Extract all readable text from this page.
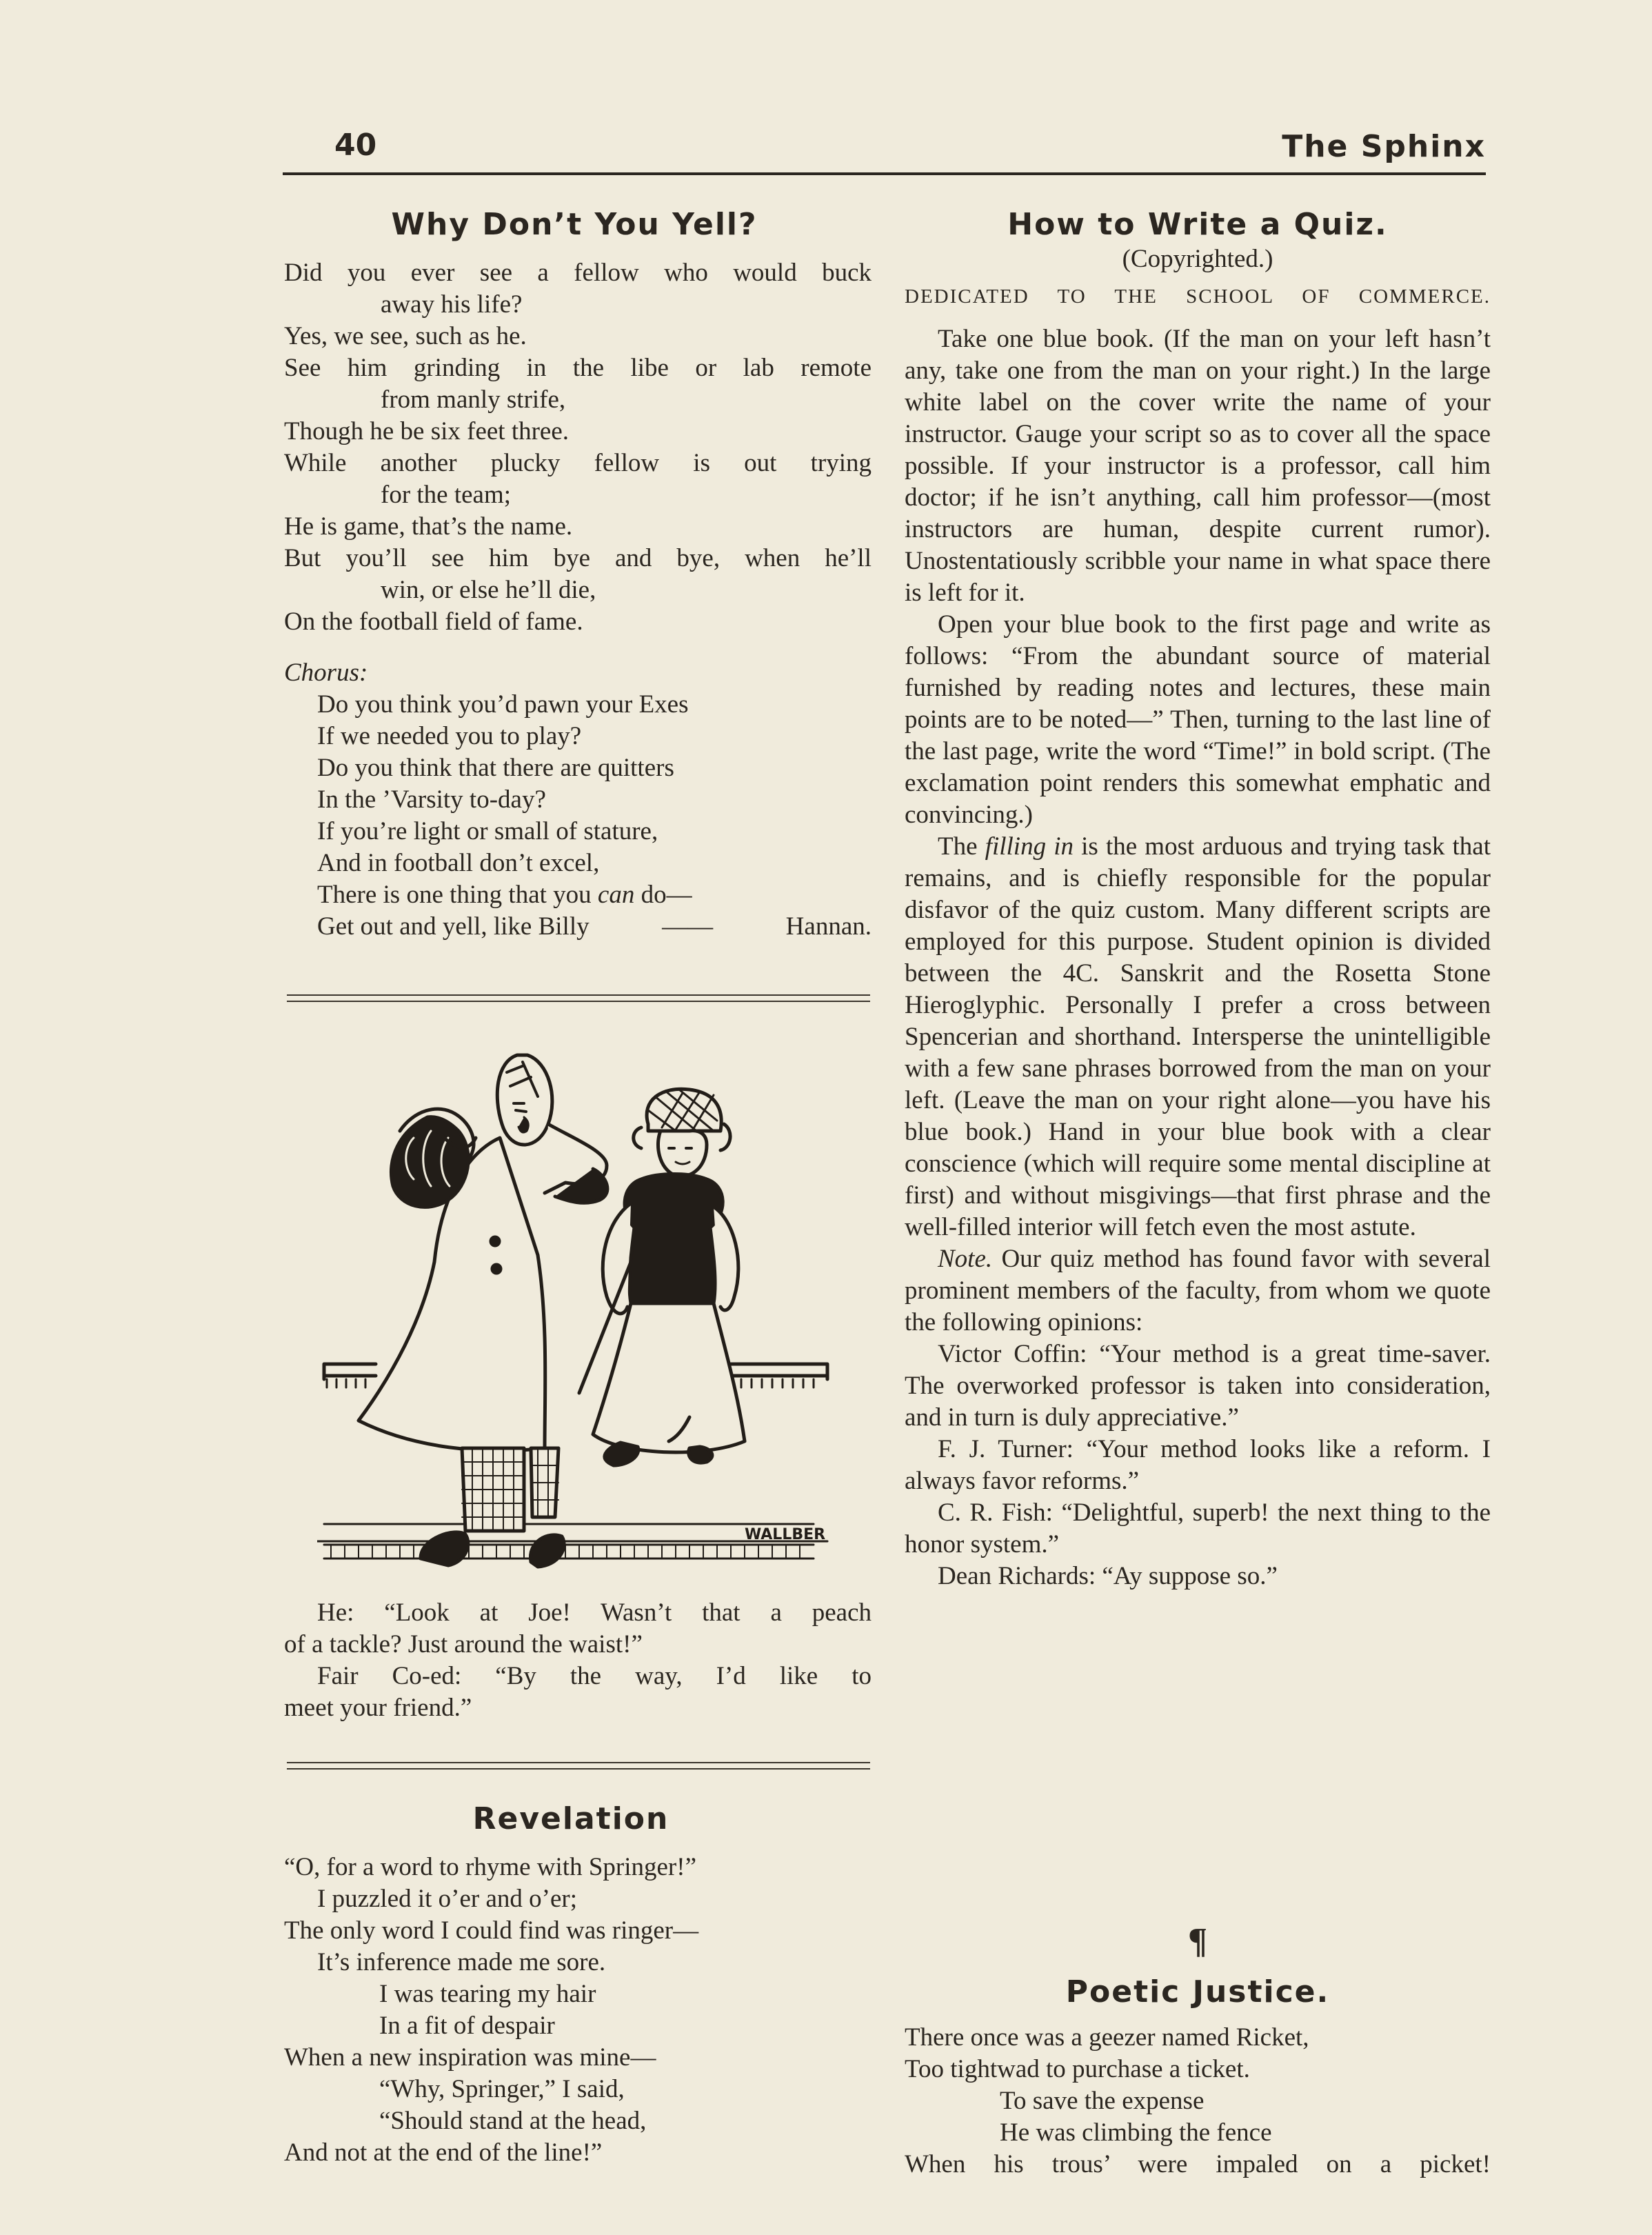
40	The Sphinx
Why Don’t You Yell?
Did you ever see a fellow who would buck
away his life?
Yes, we see, such as he.
See him grinding in the libe or lab remote
from manly strife,
Though he be six feet three.
While another plucky fellow is out trying
for the team;
He is game, that’s the name.
But you’ll see him bye and bye, when he’ll
win, or else he’ll die,
On the football field of fame.
Chorus:
Do you think you’d pawn your Exes
If we needed you to play?
Do you think that there are quitters
In the ’Varsity to-day?
If you’re light or small of stature,
And in football don’t excel,
There is one thing that you can do—
Get out and yell, like Billy	——	Hannan.
WALLBER
He: “Look at Joe! Wasn’t that a peach
of a tackle? Just around the waist!”
Fair Co-ed: “By the way, I’d like to
meet your friend.”
Revelation
“O, for a word to rhyme with Springer!”
I puzzled it o’er and o’er;
The only word I could find was ringer—
It’s inference made me sore.
I was tearing my hair
In a fit of despair
When a new inspiration was mine—
“Why, Springer,” I said,
“Should stand at the head,
And not at the end of the line!”
How to Write a Quiz.
(Copyrighted.)
DEDICATED TO THE SCHOOL OF COMMERCE.

Take one blue book. (If the man on your left hasn’t any, take one from the man on your right.) In the large white label on the cover write the name of your instructor. Gauge your script so as to cover all the space possible. If your instructor is a professor, call him doctor; if he isn’t anything, call him professor—(most instructors are human, despite current rumor). Unostentatiously scribble your name in what space there is left for it.

Open your blue book to the first page and write as follows: “From the abundant source of material furnished by reading notes and lectures, these main points are to be noted—” Then, turning to the last line of the last page, write the word “Time!” in bold script. (The exclamation point renders this somewhat emphatic and convincing.)

The filling in is the most arduous and trying task that remains, and is chiefly responsible for the popular disfavor of the quiz custom. Many different scripts are employed for this purpose. Student opinion is divided between the 4C. Sanskrit and the Rosetta Stone Hieroglyphic. Personally I prefer a cross between Spencerian and shorthand. Intersperse the unintelligible with a few sane phrases borrowed from the man on your left. (Leave the man on your right alone—you have his blue book.) Hand in your blue book with a clear conscience (which will require some mental discipline at first) and without misgivings—that first phrase and the well-filled interior will fetch even the most astute.

Note. Our quiz method has found favor with several prominent members of the faculty, from whom we quote the following opinions:

Victor Coffin: “Your method is a great time-saver. The overworked professor is taken into consideration, and in turn is duly appreciative.”

F. J. Turner: “Your method looks like a reform. I always favor reforms.”

C. R. Fish: “Delightful, superb! the next thing to the honor system.”

Dean Richards: “Ay suppose so.”

¶
Poetic Justice.
There once was a geezer named Ricket,
Too tightwad to purchase a ticket.
To save the expense
He was climbing the fence
When his trous’ were impaled on a picket!
